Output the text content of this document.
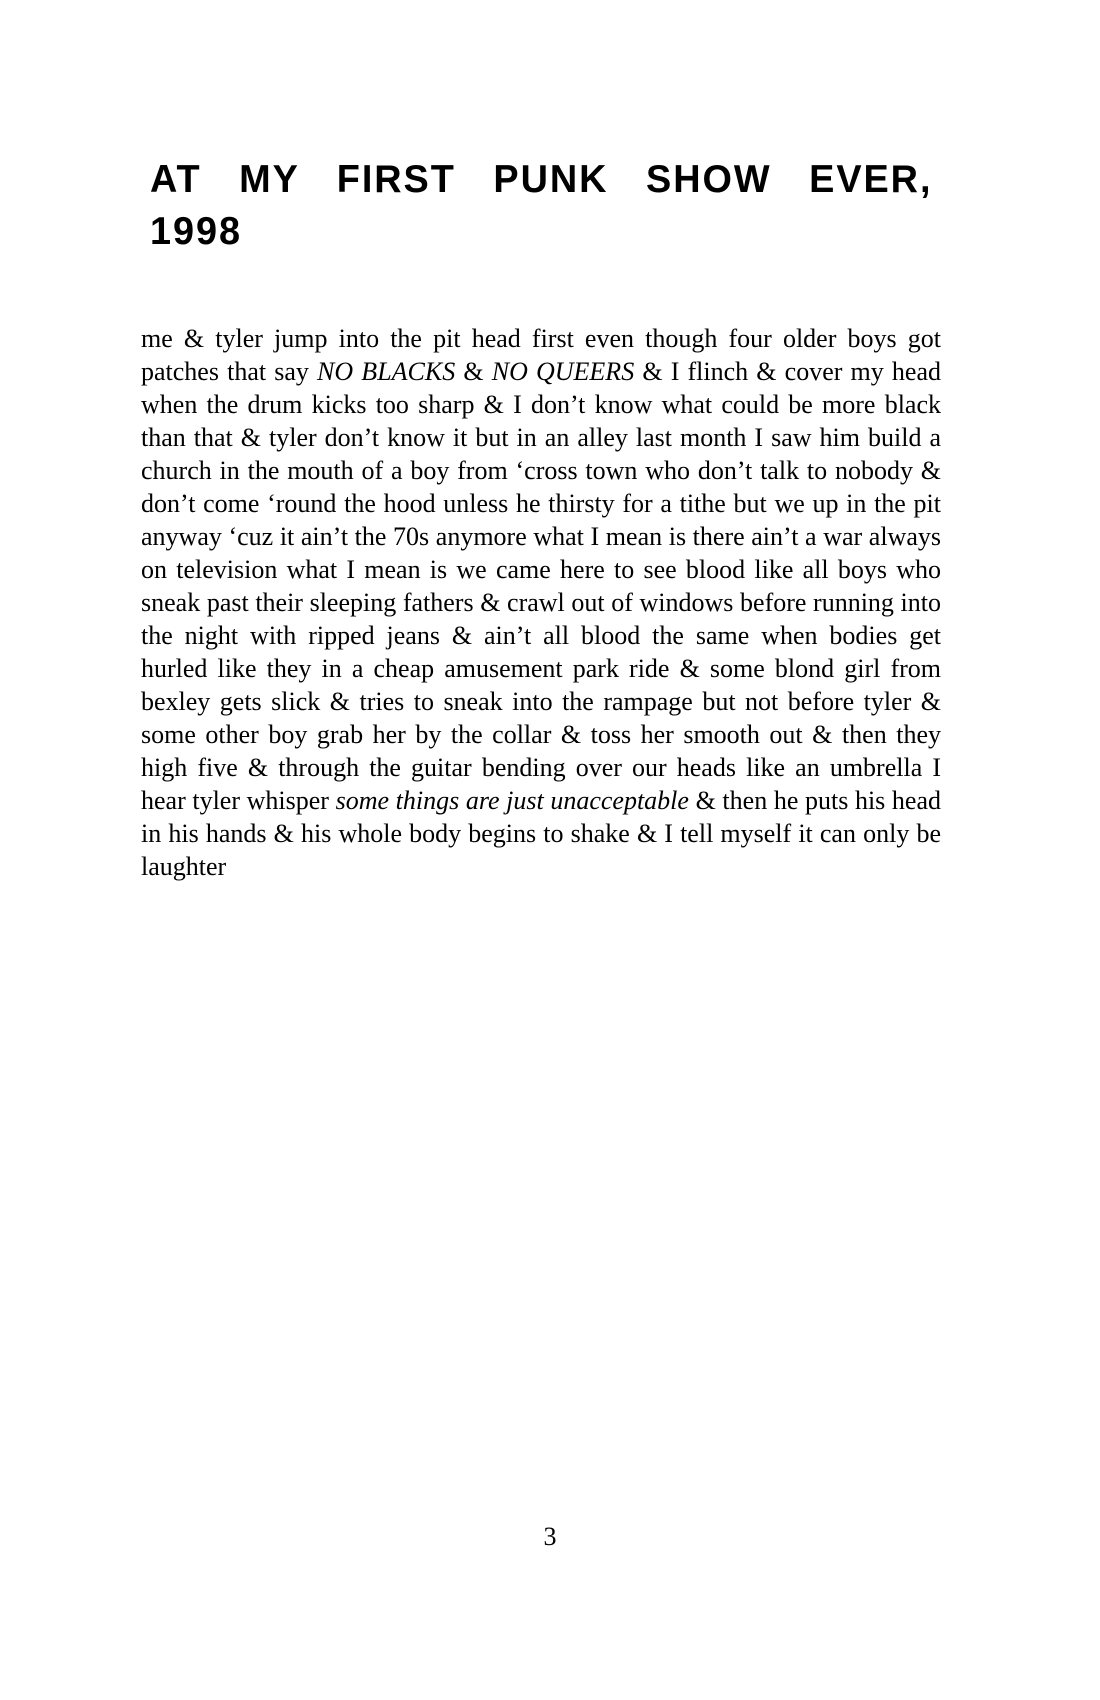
AT MY FIRST PUNK SHOW EVER,
1998

me & tyler jump into the pit head first even though four older boys got patches that say NO BLACKS & NO QUEERS & I flinch & cover my head when the drum kicks too sharp & I don’t know what could be more black than that & tyler don’t know it but in an alley last month I saw him build a church in the mouth of a boy from ‘cross town who don’t talk to nobody & don’t come ‘round the hood unless he thirsty for a tithe but we up in the pit anyway ‘cuz it ain’t the 70s anymore what I mean is there ain’t a war always on television what I mean is we came here to see blood like all boys who sneak past their sleeping fathers & crawl out of windows before running into the night with ripped jeans & ain’t all blood the same when bodies get hurled like they in a cheap amusement park ride & some blond girl from bexley gets slick & tries to sneak into the rampage but not before tyler & some other boy grab her by the collar & toss her smooth out & then they high five & through the guitar bending over our heads like an umbrella I hear tyler whisper some things are just unacceptable & then he puts his head in his hands & his whole body begins to shake & I tell myself it can only be laughter

3
